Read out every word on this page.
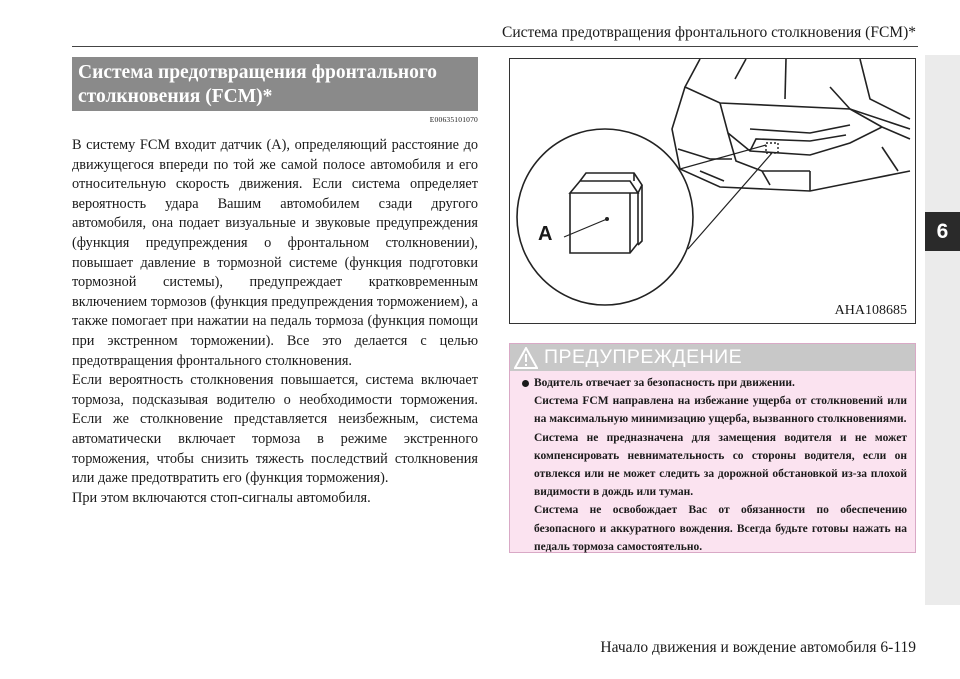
Система предотвращения фронтального столкновения (FCM)*
6
Система предотвращения фронтального столкновения (FCM)*
E00635101070

В систему FCM входит датчик (A), определяющий расстояние до движущегося впереди по той же самой полосе автомобиля и его относительную скорость движения. Если система определяет вероятность удара Вашим автомобилем сзади другого автомобиля, она подает визуальные и звуковые предупреждения (функция предупреждения о фронтальном столкновении), повышает давление в тормозной системе (функция подготовки тормозной системы), предупреждает кратковременным включением тормозов (функция предупреждения торможением), а также помогает при нажатии на педаль тормоза (функция помощи при экстренном торможении). Все это делается с целью предотвращения фронтального столкновения.

Если вероятность столкновения повышается, система включает тормоза, подсказывая водителю о необходимости торможения. Если же столкновение представляется неизбежным, система автоматически включает тормоза в режиме экстренного торможения, чтобы снизить тяжесть последствий столкновения или даже предотвратить его (функция торможения).

При этом включаются стоп-сигналы автомобиля.

A
AHA108685
ПРЕДУПРЕЖДЕНИЕ

Водитель отвечает за безопасность при движении.

Система FCM направлена на избежание ущерба от столкновений или на максимальную минимизацию ущерба, вызванного столкновениями.

Система не предназначена для замещения водителя и не может компенсировать невнимательность со стороны водителя, если он отвлекся или не может следить за дорожной обстановкой из-за плохой видимости в дождь или туман.

Система не освобождает Вас от обязанности по обеспечению безопасного и аккуратного вождения. Всегда будьте готовы нажать на педаль тормоза самостоятельно.

Начало движения и вождение автомобиля 6-119
